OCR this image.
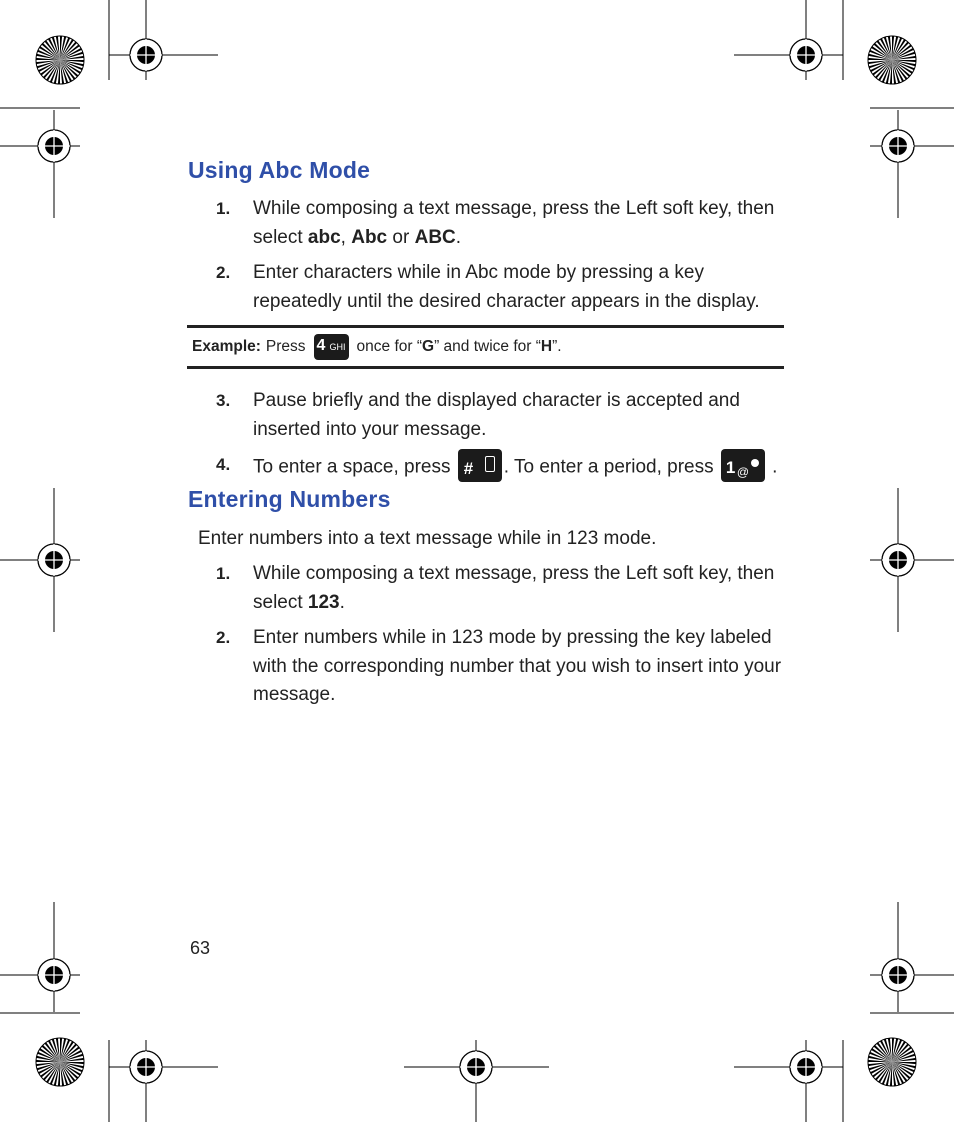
Using Abc Mode
1. While composing a text message, press the Left soft key, then select abc, Abc or ABC.
2. Enter characters while in Abc mode by pressing a key repeatedly until the desired character appears in the display.
Example: Press 4 GHI once for “ G ” and twice for “ H ”.
3. Pause briefly and the displayed character is accepted and inserted into your message.
4. To enter a space, press # . To enter a period, press 1 @ .
Entering Numbers
Enter numbers into a text message while in 123 mode.
1. While composing a text message, press the Left soft key, then select 123.
2. Enter numbers while in 123 mode by pressing the key labeled with the corresponding number that you wish to insert into your message.
63
